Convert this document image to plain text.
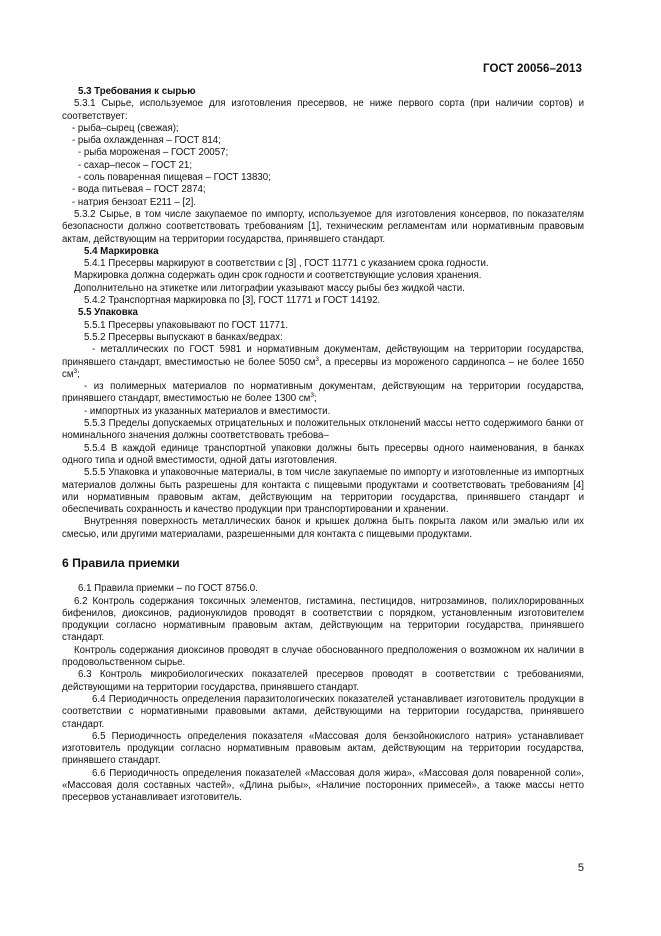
ГОСТ 20056–2013

5.3 Требования к сырью

5.3.1 Сырье, используемое для изготовления пресервов, не ниже первого сорта (при наличии сортов) и соответствует:

- рыба–сырец (свежая);

- рыба охлажденная – ГОСТ 814;

- рыба мороженая – ГОСТ 20057;

- сахар–песок – ГОСТ 21;

- соль поваренная пищевая – ГОСТ 13830;

- вода питьевая – ГОСТ 2874;

- натрия бензоат Е211 – [2].

5.3.2 Сырье, в том числе закупаемое по импорту, используемое для изготовления консервов, по показателям безопасности должно соответствовать требованиям [1], техническим регламентам или нормативным правовым актам, действующим на территории государства, принявшего стандарт.

5.4 Маркировка

5.4.1 Пресервы маркируют в соответствии с [3] , ГОСТ 11771 с указанием срока годности.

Маркировка должна содержать один срок годности и соответствующие условия хранения.

Дополнительно на этикетке или литографии указывают массу рыбы без жидкой части.

5.4.2 Транспортная маркировка по [3], ГОСТ 11771 и ГОСТ 14192.

5.5 Упаковка

5.5.1 Пресервы упаковывают по ГОСТ 11771.

5.5.2 Пресервы выпускают в банках/ведрах:

- металлических по ГОСТ 5981 и нормативным документам, действующим на территории государства, принявшего стандарт, вместимостью не более 5050 $см^3$, а пресервы из мороженого сардинопса – не более 1650 $см^3$;

- из полимерных материалов по нормативным документам, действующим на территории государства, принявшего стандарт, вместимостью не более 1300 $см^3$;

- импортных из указанных материалов и вместимости.

5.5.3 Пределы допускаемых отрицательных и положительных отклонений массы нетто содержимого банки от номинального значения должны соответствовать требова–

5.5.4 В каждой единице транспортной упаковки должны быть пресервы одного наименования, в банках одного типа и одной вместимости, одной даты изготовления.

5.5.5 Упаковка и упаковочные материалы, в том числе закупаемые по импорту и изготовленные из импортных материалов должны быть разрешены для контакта с пищевыми продуктами и соответствовать требованиям [4] или нормативным правовым актам, действующим на территории государства, принявшего стандарт и обеспечивать сохранность и качество продукции при транспортировании и хранении.

Внутренняя поверхность металлических банок и крышек должна быть покрыта лаком или эмалью или их смесью, или другими материалами, разрешенными для контакта с пищевыми продуктами.

6 Правила приемки

6.1 Правила приемки – по ГОСТ 8756.0.

6.2 Контроль содержания токсичных элементов, гистамина, пестицидов, нитрозаминов, полихлорированных бифенилов, диоксинов, радионуклидов проводят в соответствии с порядком, установленным изготовителем продукции согласно нормативным правовым актам, действующим на территории государства, принявшего стандарт.

Контроль содержания диоксинов проводят в случае обоснованного предположения о возможном их наличии в продовольственном сырье.

6.3 Контроль микробиологических показателей пресервов проводят в соответствии с требованиями, действующими на территории государства, принявшего стандарт.

6.4 Периодичность определения паразитологических показателей устанавливает изготовитель продукции в соответствии с нормативными правовыми актами, действующими на территории государства, принявшего стандарт.

6.5 Периодичность определения показателя «Массовая доля бензойнокислого натрия» устанавливает изготовитель продукции согласно нормативным правовым актам, действующим на территории государства, принявшего стандарт.

6.6 Периодичность определения показателей «Массовая доля жира», «Массовая доля поваренной соли», «Массовая доля составных частей», «Длина рыбы», «Наличие посторонних примесей», а также массы нетто пресервов устанавливает изготовитель.

5
